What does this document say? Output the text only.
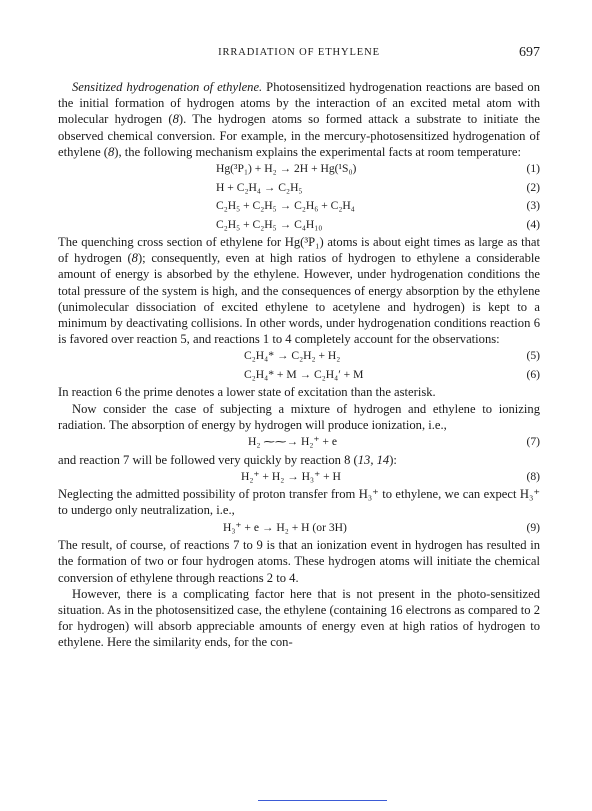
IRRADIATION OF ETHYLENE	697

Sensitized hydrogenation of ethylene. Photosensitized hydrogenation reactions are based on the initial formation of hydrogen atoms by the interaction of an excited metal atom with molecular hydrogen (8). The hydrogen atoms so formed attack a substrate to initiate the observed chemical conversion. For example, in the mercury-photosensitized hydrogenation of ethylene (8), the following mechanism explains the experimental facts at room temperature:

Hg(³P₁) + H₂ → 2H + Hg(¹S₀)	(1)
H + C₂H₄ → C₂H₅	(2)
C₂H₅ + C₂H₅ → C₂H₆ + C₂H₄	(3)
C₂H₅ + C₂H₅ → C₄H₁₀	(4)

The quenching cross section of ethylene for Hg(³P₁) atoms is about eight times as large as that of hydrogen (8); consequently, even at high ratios of hydrogen to ethylene a considerable amount of energy is absorbed by the ethylene. However, under hydrogenation conditions the total pressure of the system is high, and the consequences of energy absorption by the ethylene (unimolecular dissociation of excited ethylene to acetylene and hydrogen) is kept to a minimum by deactivating collisions. In other words, under hydrogenation conditions reaction 6 is favored over reaction 5, and reactions 1 to 4 completely account for the observations:

C₂H₄* → C₂H₂ + H₂	(5)
C₂H₄* + M → C₂H₄′ + M	(6)

In reaction 6 the prime denotes a lower state of excitation than the asterisk.

Now consider the case of subjecting a mixture of hydrogen and ethylene to ionizing radiation. The absorption of energy by hydrogen will produce ionization, i.e.,

H₂ ⁓⁓→ H₂⁺ + e	(7)

and reaction 7 will be followed very quickly by reaction 8 (13, 14):

H₂⁺ + H₂ → H₃⁺ + H	(8)

Neglecting the admitted possibility of proton transfer from H₃⁺ to ethylene, we can expect H₃⁺ to undergo only neutralization, i.e.,

H₃⁺ + e → H₂ + H (or 3H)	(9)

The result, of course, of reactions 7 to 9 is that an ionization event in hydrogen has resulted in the formation of two or four hydrogen atoms. These hydrogen atoms will initiate the chemical conversion of ethylene through reactions 2 to 4.

However, there is a complicating factor here that is not present in the photo-sensitized situation. As in the photosensitized case, the ethylene (containing 16 electrons as compared to 2 for hydrogen) will absorb appreciable amounts of energy even at high ratios of hydrogen to ethylene. Here the similarity ends, for the con-
